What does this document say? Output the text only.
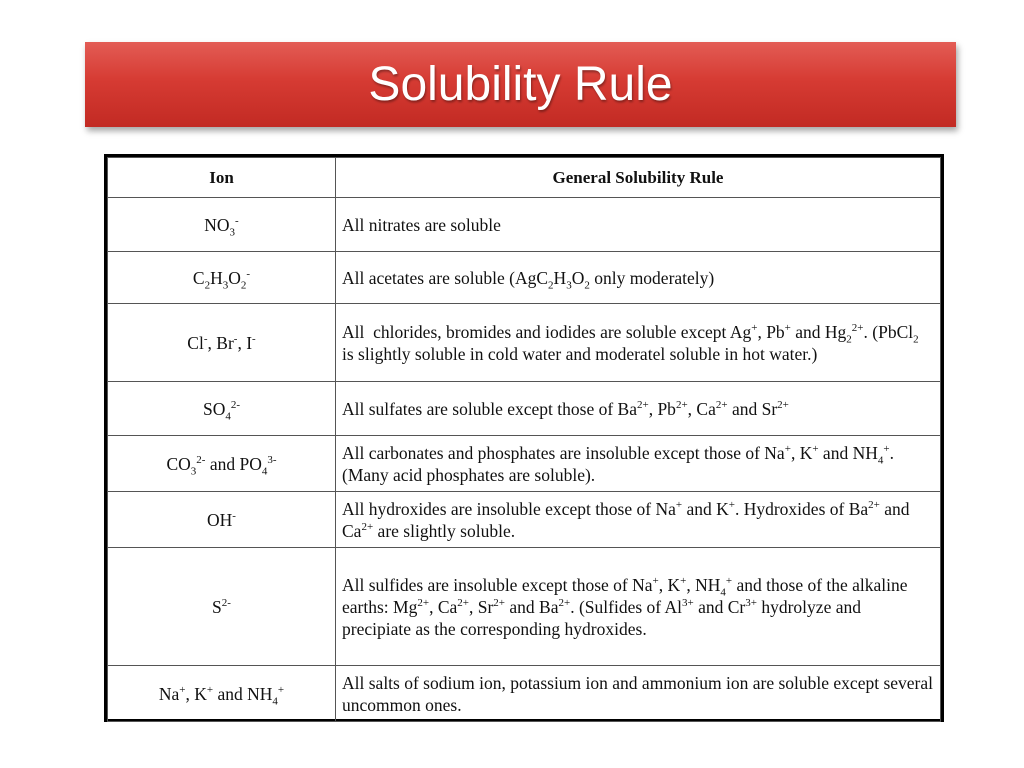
Solubility Rule
Ion	General Solubility Rule
$NO_3^-$	All nitrates are soluble
$C_2H_3O_2^-$	All acetates are soluble ($AgC_2H_3O_2$ only moderately)
Cl-, Br-, I-	All  chlorides, bromides and iodides are soluble except Ag+, Pb+ and $Hg_2^{2+}$. (PbCl$_2$ is slightly soluble in cold water and moderatel soluble in hot water.)
$SO_4^{2-}$	All sulfates are soluble except those of $Ba^{2+}$, $Pb^{2+}$, $Ca^{2+}$ and $Sr^{2+}$
$CO_3^{2-}$ and $PO_4^{3-}$	All carbonates and phosphates are insoluble except those of Na+, K+ and $NH_4^+$. (Many acid phosphates are soluble).
OH-	All hydroxides are insoluble except those of Na+ and K+. Hydroxides of $Ba^{2+}$ and $Ca^{2+}$ are slightly soluble.
$S^{2-}$	All sulfides are insoluble except those of Na+, K+, $NH_4^+$ and those of the alkaline earths: $Mg^{2+}$, $Ca^{2+}$, $Sr^{2+}$ and $Ba^{2+}$. (Sulfides of $Al^{3+}$ and $Cr^{3+}$ hydrolyze and precipiate as the corresponding hydroxides.
Na+, K+ and $NH_4^+$	All salts of sodium ion, potassium ion and ammonium ion are soluble except several uncommon ones.
